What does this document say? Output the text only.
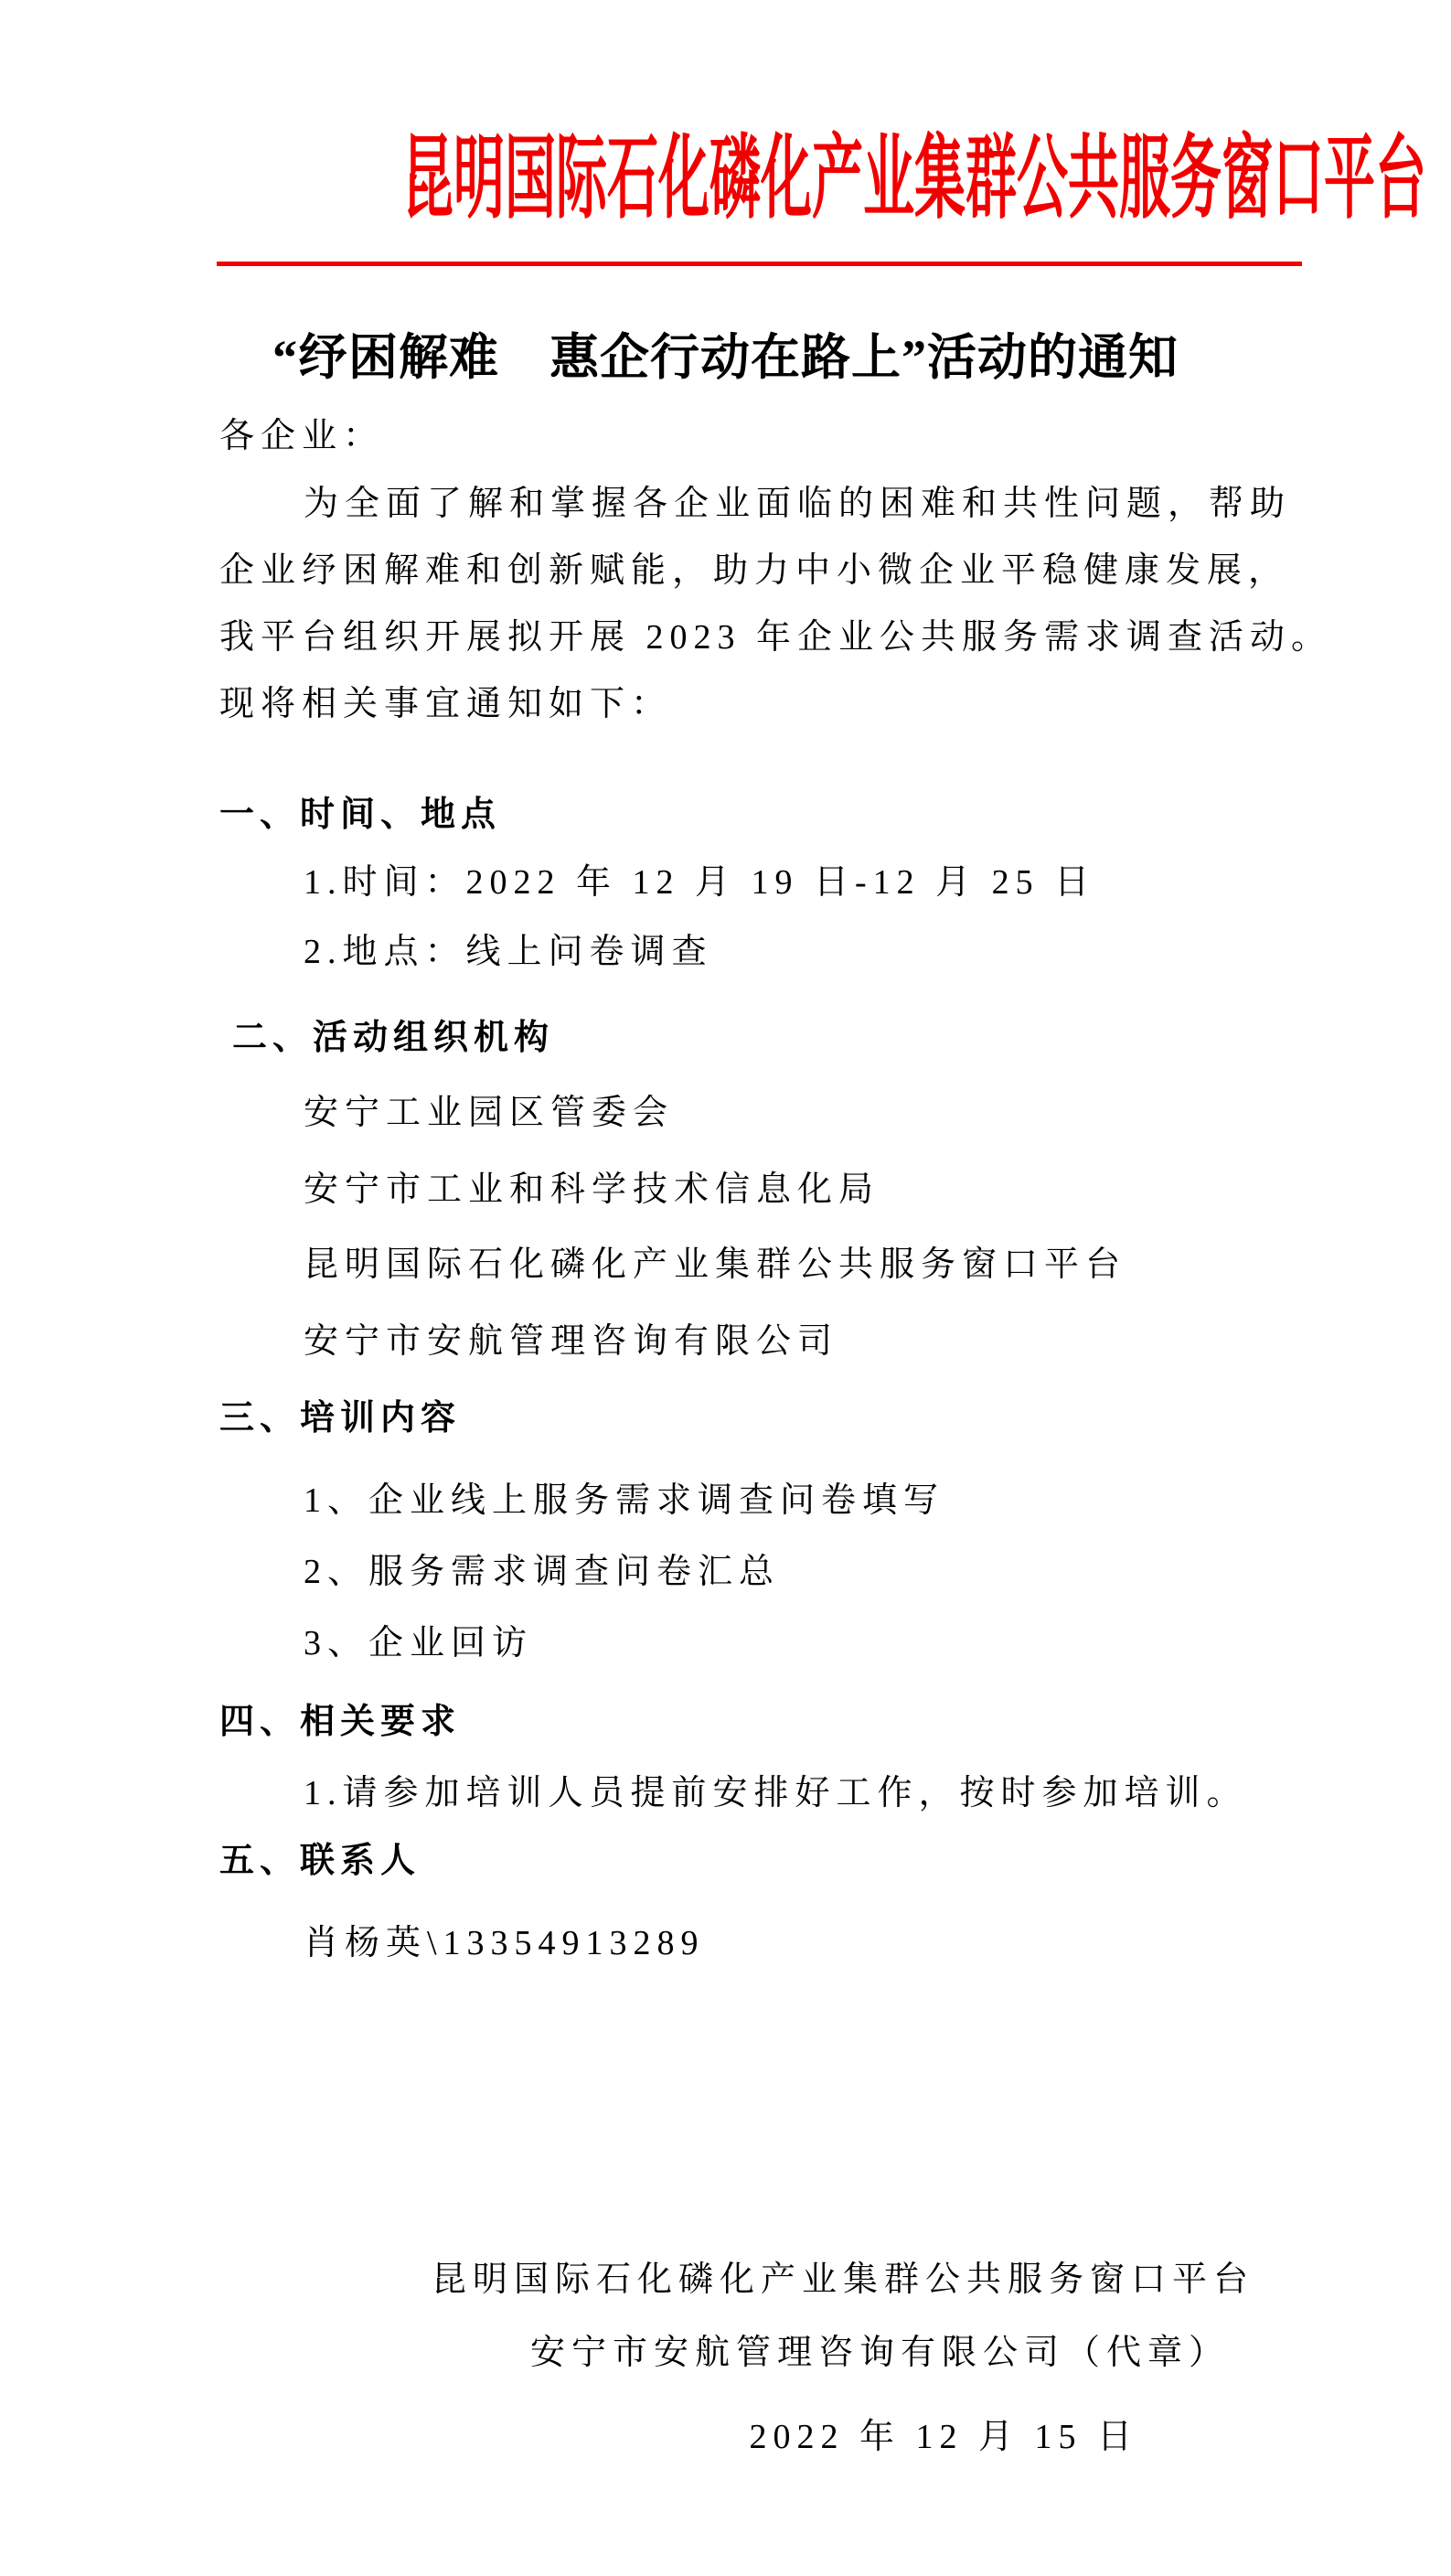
昆明国际石化磷化产业集群公共服务窗口平台
“纾困解难　惠企行动在路上”活动的通知
各企业：
为全面了解和掌握各企业面临的困难和共性问题，帮助
企业纾困解难和创新赋能，助力中小微企业平稳健康发展，
我平台组织开展拟开展 2023 年企业公共服务需求调查活动。
现将相关事宜通知如下：
一、时间、地点
1.时间：2022 年 12 月 19 日-12 月 25 日
2.地点：线上问卷调查
二、活动组织机构
安宁工业园区管委会
安宁市工业和科学技术信息化局
昆明国际石化磷化产业集群公共服务窗口平台
安宁市安航管理咨询有限公司
三、培训内容
1、企业线上服务需求调查问卷填写
2、服务需求调查问卷汇总
3、企业回访
四、相关要求
1.请参加培训人员提前安排好工作，按时参加培训。
五、联系人
肖杨英\13354913289
昆明国际石化磷化产业集群公共服务窗口平台
安宁市安航管理咨询有限公司（代章）
2022 年 12 月 15 日
